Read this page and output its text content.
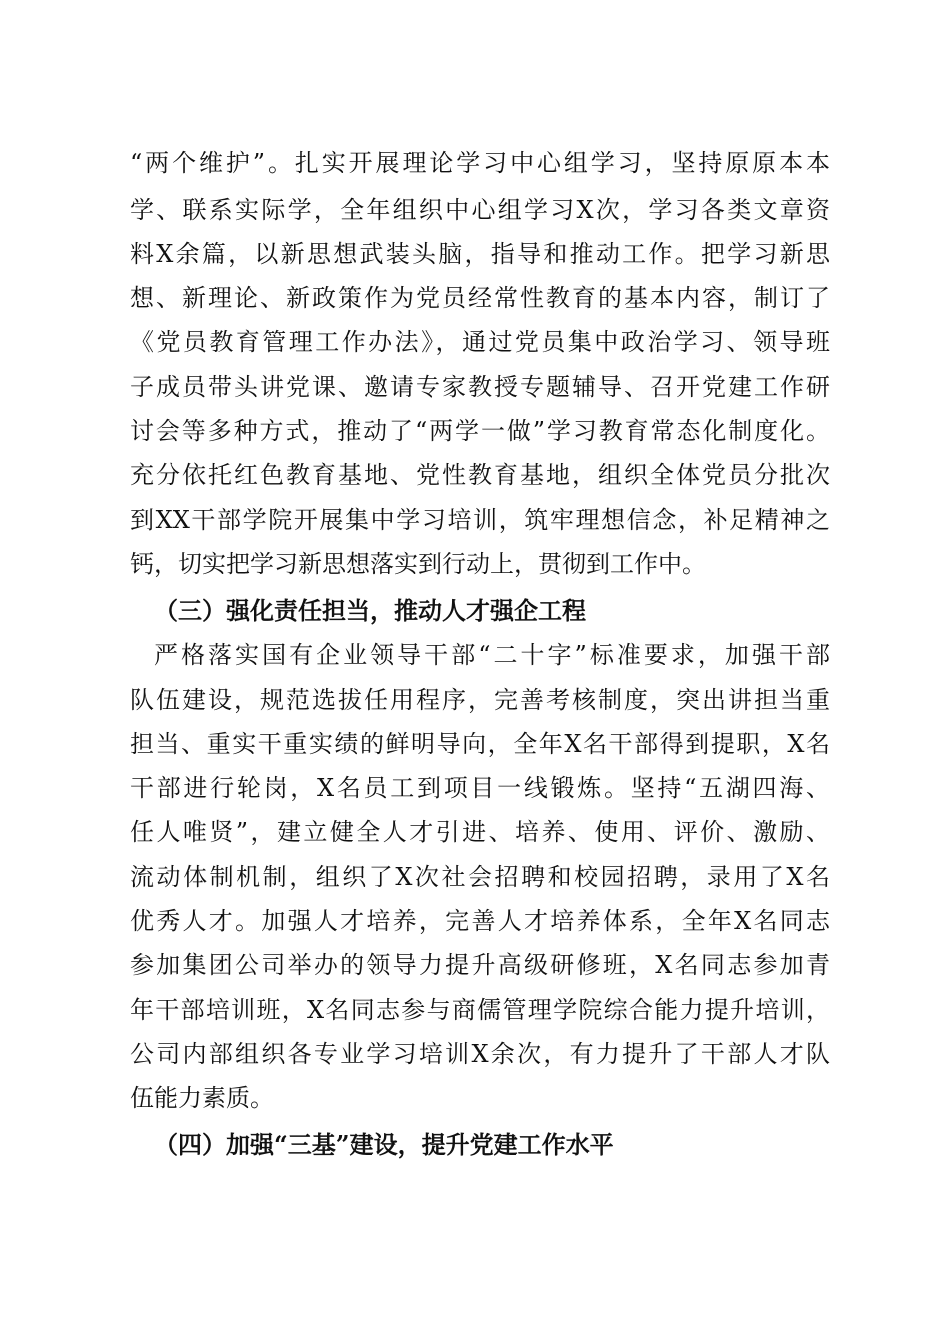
“两个维护”。扎实开展理论学习中心组学习，坚持原原本本
学、联系实际学，全年组织中心组学习X次，学习各类文章资
料X余篇，以新思想武装头脑，指导和推动工作。把学习新思
想、新理论、新政策作为党员经常性教育的基本内容，制订了
《党员教育管理工作办法》，通过党员集中政治学习、领导班
子成员带头讲党课、邀请专家教授专题辅导、召开党建工作研
讨会等多种方式，推动了“两学一做”学习教育常态化制度化。
充分依托红色教育基地、党性教育基地，组织全体党员分批次
到XX干部学院开展集中学习培训，筑牢理想信念，补足精神之
钙，切实把学习新思想落实到行动上，贯彻到工作中。
（三）强化责任担当，推动人才强企工程
严格落实国有企业领导干部“二十字”标准要求，加强干部
队伍建设，规范选拔任用程序，完善考核制度，突出讲担当重
担当、重实干重实绩的鲜明导向，全年X名干部得到提职，X名
干部进行轮岗，X名员工到项目一线锻炼。坚持“五湖四海、
任人唯贤”，建立健全人才引进、培养、使用、评价、激励、
流动体制机制，组织了X次社会招聘和校园招聘，录用了X名
优秀人才。加强人才培养，完善人才培养体系，全年X名同志
参加集团公司举办的领导力提升高级研修班，X名同志参加青
年干部培训班，X名同志参与商儒管理学院综合能力提升培训，
公司内部组织各专业学习培训X余次，有力提升了干部人才队
伍能力素质。
（四）加强“三基”建设，提升党建工作水平
